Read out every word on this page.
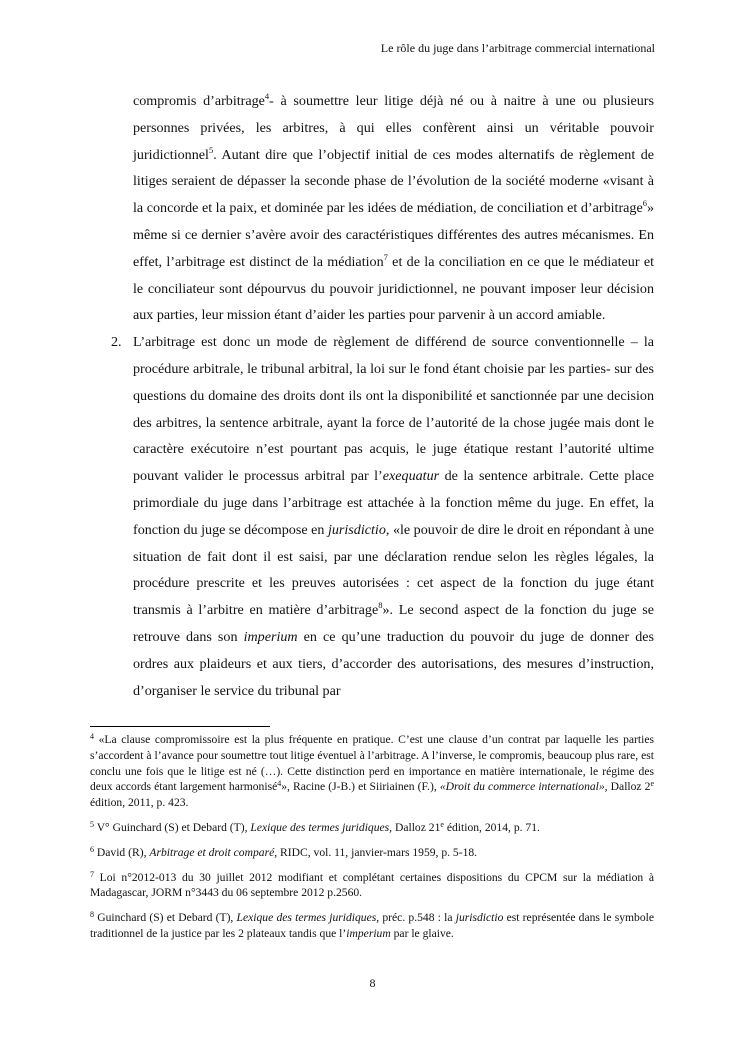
Le rôle du juge dans l’arbitrage commercial international

compromis d’arbitrage$^4$- à soumettre leur litige déjà né ou à naitre à une ou plusieurs personnes privées, les arbitres, à qui elles confèrent ainsi un véritable pouvoir juridictionnel$^5$. Autant dire que l’objectif initial de ces modes alternatifs de règlement de litiges seraient de dépasser la seconde phase de l’évolution de la société moderne «visant à la concorde et la paix, et dominée par les idées de médiation, de conciliation et d’arbitrage$^6$» même si ce dernier s’avère avoir des caractéristiques différentes des autres mécanismes. En effet, l’arbitrage est distinct de la médiation$^7$ et de la conciliation en ce que le médiateur et le conciliateur sont dépourvus du pouvoir juridictionnel, ne pouvant imposer leur décision aux parties, leur mission étant d’aider les parties pour parvenir à un accord amiable.

2. L’arbitrage est donc un mode de règlement de différend de source conventionnelle – la procédure arbitrale, le tribunal arbitral, la loi sur le fond étant choisie par les parties- sur des questions du domaine des droits dont ils ont la disponibilité et sanctionnée par une decision des arbitres, la sentence arbitrale, ayant la force de l’autorité de la chose jugée mais dont le caractère exécutoire n’est pourtant pas acquis, le juge étatique restant l’autorité ultime pouvant valider le processus arbitral par l’exequatur de la sentence arbitrale. Cette place primordiale du juge dans l’arbitrage est attachée à la fonction même du juge. En effet, la fonction du juge se décompose en jurisdictio, «le pouvoir de dire le droit en répondant à une situation de fait dont il est saisi, par une déclaration rendue selon les règles légales, la procédure prescrite et les preuves autorisées : cet aspect de la fonction du juge étant transmis à l’arbitre en matière d’arbitrage$^8$». Le second aspect de la fonction du juge se retrouve dans son imperium en ce qu’une traduction du pouvoir du juge de donner des ordres aux plaideurs et aux tiers, d’accorder des autorisations, des mesures d’instruction, d’organiser le service du tribunal par

$^4$ «La clause compromissoire est la plus fréquente en pratique. C’est une clause d’un contrat par laquelle les parties s’accordent à l’avance pour soumettre tout litige éventuel à l’arbitrage. A l’inverse, le compromis, beaucoup plus rare, est conclu une fois que le litige est né (…). Cette distinction perd en importance en matière internationale, le régime des deux accords étant largement harmonisé$^4$», Racine (J-B.) et Siiriainen (F.), «Droit du commerce international», Dalloz 2e édition, 2011, p. 423.

$^5$ V° Guinchard (S) et Debard (T), Lexique des termes juridiques, Dalloz 21e édition, 2014, p. 71.

$^6$ David (R), Arbitrage et droit comparé, RIDC, vol. 11, janvier-mars 1959, p. 5-18.

$^7$ Loi n°2012-013 du 30 juillet 2012 modifiant et complétant certaines dispositions du CPCM sur la médiation à Madagascar, JORM n°3443 du 06 septembre 2012 p.2560.

$^8$ Guinchard (S) et Debard (T), Lexique des termes juridiques, préc. p.548 : la jurisdictio est représentée dans le symbole traditionnel de la justice par les 2 plateaux tandis que l’imperium par le glaive.

8
